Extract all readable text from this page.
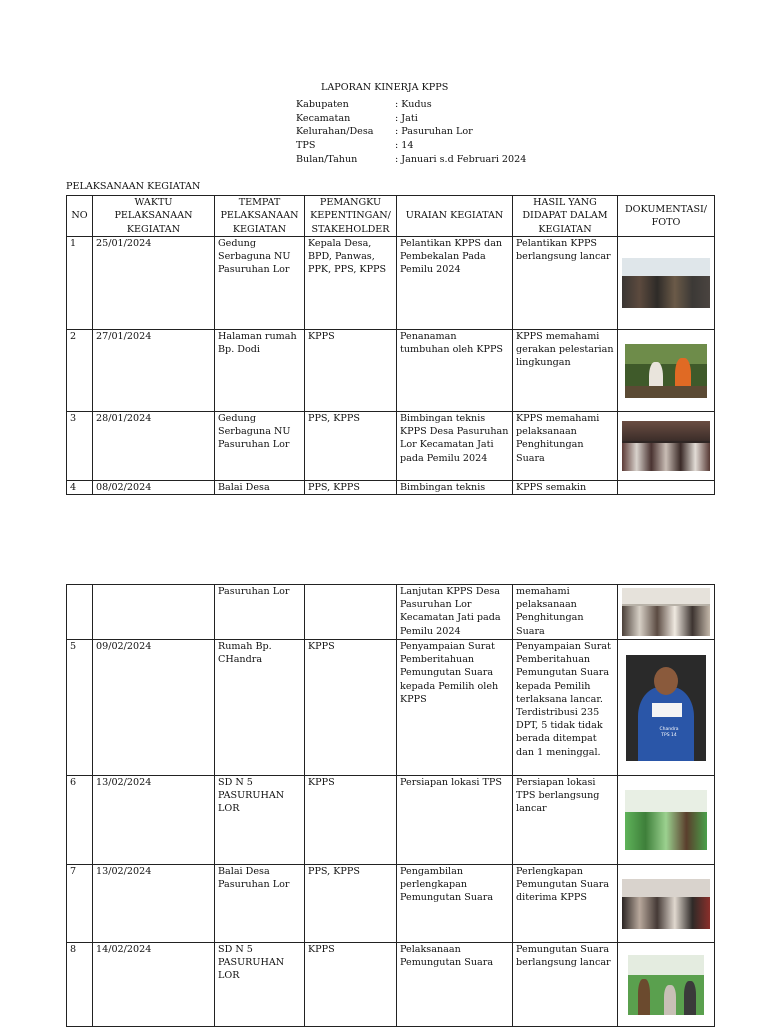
LAPORAN KINERJA KPPS
Kabupaten	: Kudus
Kecamatan	: Jati
Kelurahan/Desa : Pasuruhan Lor
TPS	: 14
Bulan/Tahun	: Januari s.d Februari 2024
PELAKSANAAN KEGIATAN
NO	WAKTU PELAKSANAAN KEGIATAN	TEMPAT PELAKSANAAN KEGIATAN	PEMANGKU KEPENTINGAN/ STAKEHOLDER	URAIAN KEGIATAN	HASIL YANG DIDAPAT DALAM KEGIATAN	DOKUMENTASI/ FOTO
1	25/01/2024	Gedung Serbaguna NU Pasuruhan Lor	Kepala Desa, BPD, Panwas, PPK, PPS, KPPS	Pelantikan KPPS dan Pembekalan Pada Pemilu 2024	Pelantikan KPPS berlangsung lancar	

2	27/01/2024	Halaman rumah Bp. Dodi	KPPS	Penanaman tumbuhan oleh KPPS	KPPS memahami gerakan pelestarian lingkungan	

3	28/01/2024	Gedung Serbaguna NU Pasuruhan Lor	PPS, KPPS	Bimbingan teknis KPPS Desa Pasuruhan Lor Kecamatan Jati pada Pemilu 2024	KPPS memahami pelaksanaan Penghitungan Suara	

4	08/02/2024	Balai Desa	PPS, KPPS	Bimbingan teknis	KPPS semakin	
		Pasuruhan Lor		Lanjutan KPPS Desa Pasuruhan Lor Kecamatan Jati pada Pemilu 2024	memahami pelaksanaan Penghitungan Suara	

5	09/02/2024	Rumah Bp. CHandra	KPPS	Penyampaian Surat Pemberitahuan Pemungutan Suara kepada Pemilih oleh KPPS	Penyampaian Surat Pemberitahuan Pemungutan Suara kepada Pemilih terlaksana lancar. Terdistribusi 235 DPT, 5 tidak tidak berada ditempat dan 1 meninggal.	Chandra TPS 14

6	13/02/2024	SD N 5 PASURUHAN LOR	KPPS	Persiapan lokasi TPS	Persiapan lokasi TPS berlangsung lancar	

7	13/02/2024	Balai Desa Pasuruhan Lor	PPS, KPPS	Pengambilan perlengkapan Pemungutan Suara	Perlengkapan Pemungutan Suara diterima KPPS	

8	14/02/2024	SD N 5 PASURUHAN LOR	KPPS	Pelaksanaan Pemungutan Suara	Pemungutan Suara berlangsung lancar	
